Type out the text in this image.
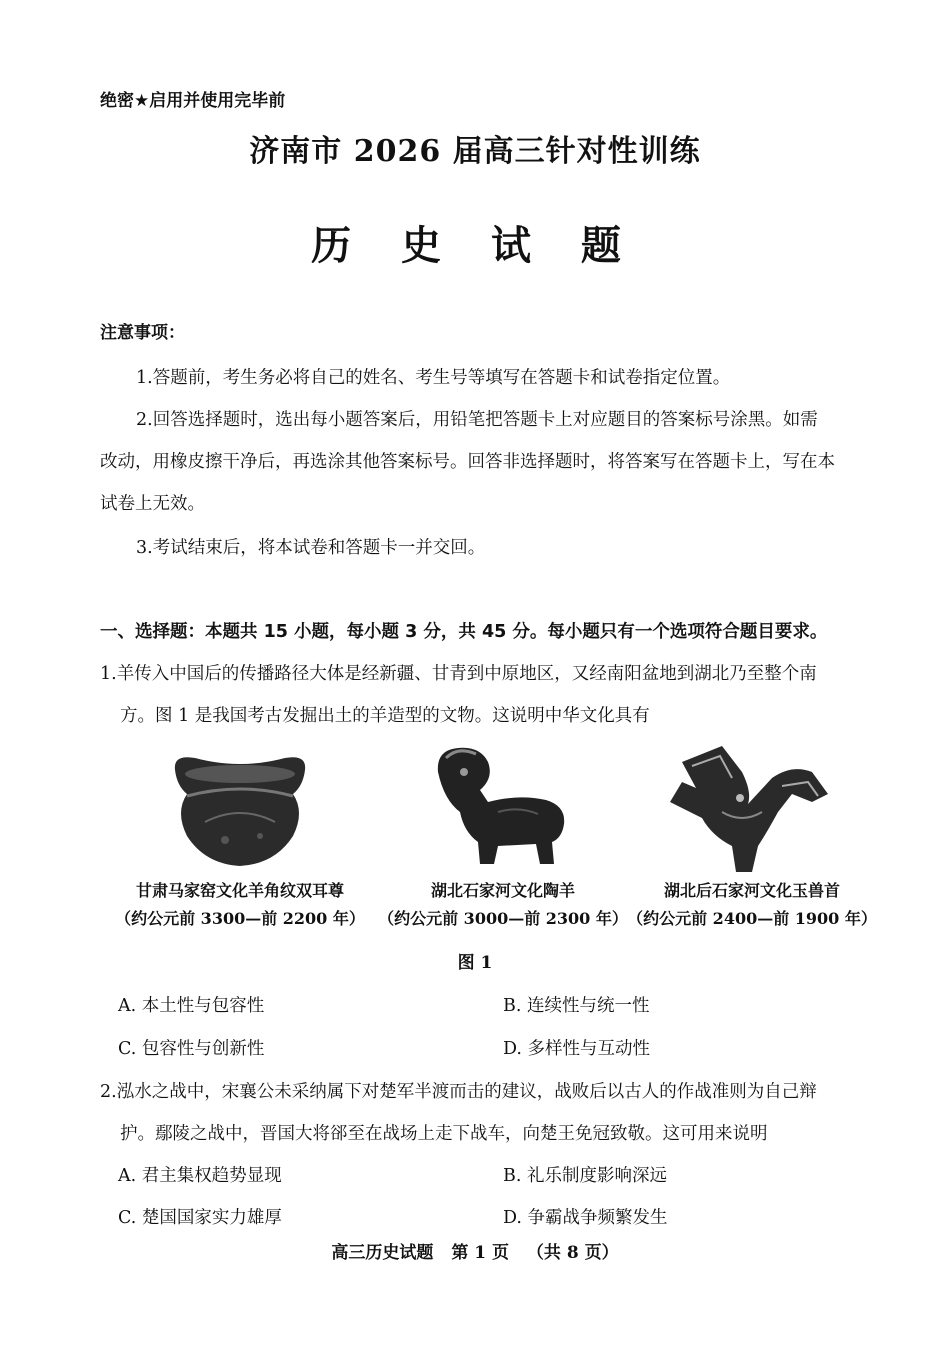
绝密★启用并使用完毕前
济南市 2026 届高三针对性训练
历 史 试 题
注意事项：
1.答题前，考生务必将自己的姓名、考生号等填写在答题卡和试卷指定位置。
2.回答选择题时，选出每小题答案后，用铅笔把答题卡上对应题目的答案标号涂黑。如需
改动，用橡皮擦干净后，再选涂其他答案标号。回答非选择题时，将答案写在答题卡上，写在本
试卷上无效。
3.考试结束后，将本试卷和答题卡一并交回。
一、选择题：本题共 15 小题，每小题 3 分，共 45 分。每小题只有一个选项符合题目要求。
1.羊传入中国后的传播路径大体是经新疆、甘青到中原地区，又经南阳盆地到湖北乃至整个南
方。图 1 是我国考古发掘出土的羊造型的文物。这说明中华文化具有
甘肃马家窑文化羊角纹双耳尊
（约公元前 3300—前 2200 年）
湖北石家河文化陶羊
（约公元前 3000—前 2300 年）
湖北后石家河文化玉兽首
（约公元前 2400—前 1900 年）
图 1
A. 本土性与包容性	B. 连续性与统一性
C. 包容性与创新性	D. 多样性与互动性
2.泓水之战中，宋襄公未采纳属下对楚军半渡而击的建议，战败后以古人的作战准则为自己辩
护。鄢陵之战中，晋国大将郤至在战场上走下战车，向楚王免冠致敬。这可用来说明
A. 君主集权趋势显现	B. 礼乐制度影响深远
C. 楚国国家实力雄厚	D. 争霸战争频繁发生
高三历史试题 第 1 页 （共 8 页）
